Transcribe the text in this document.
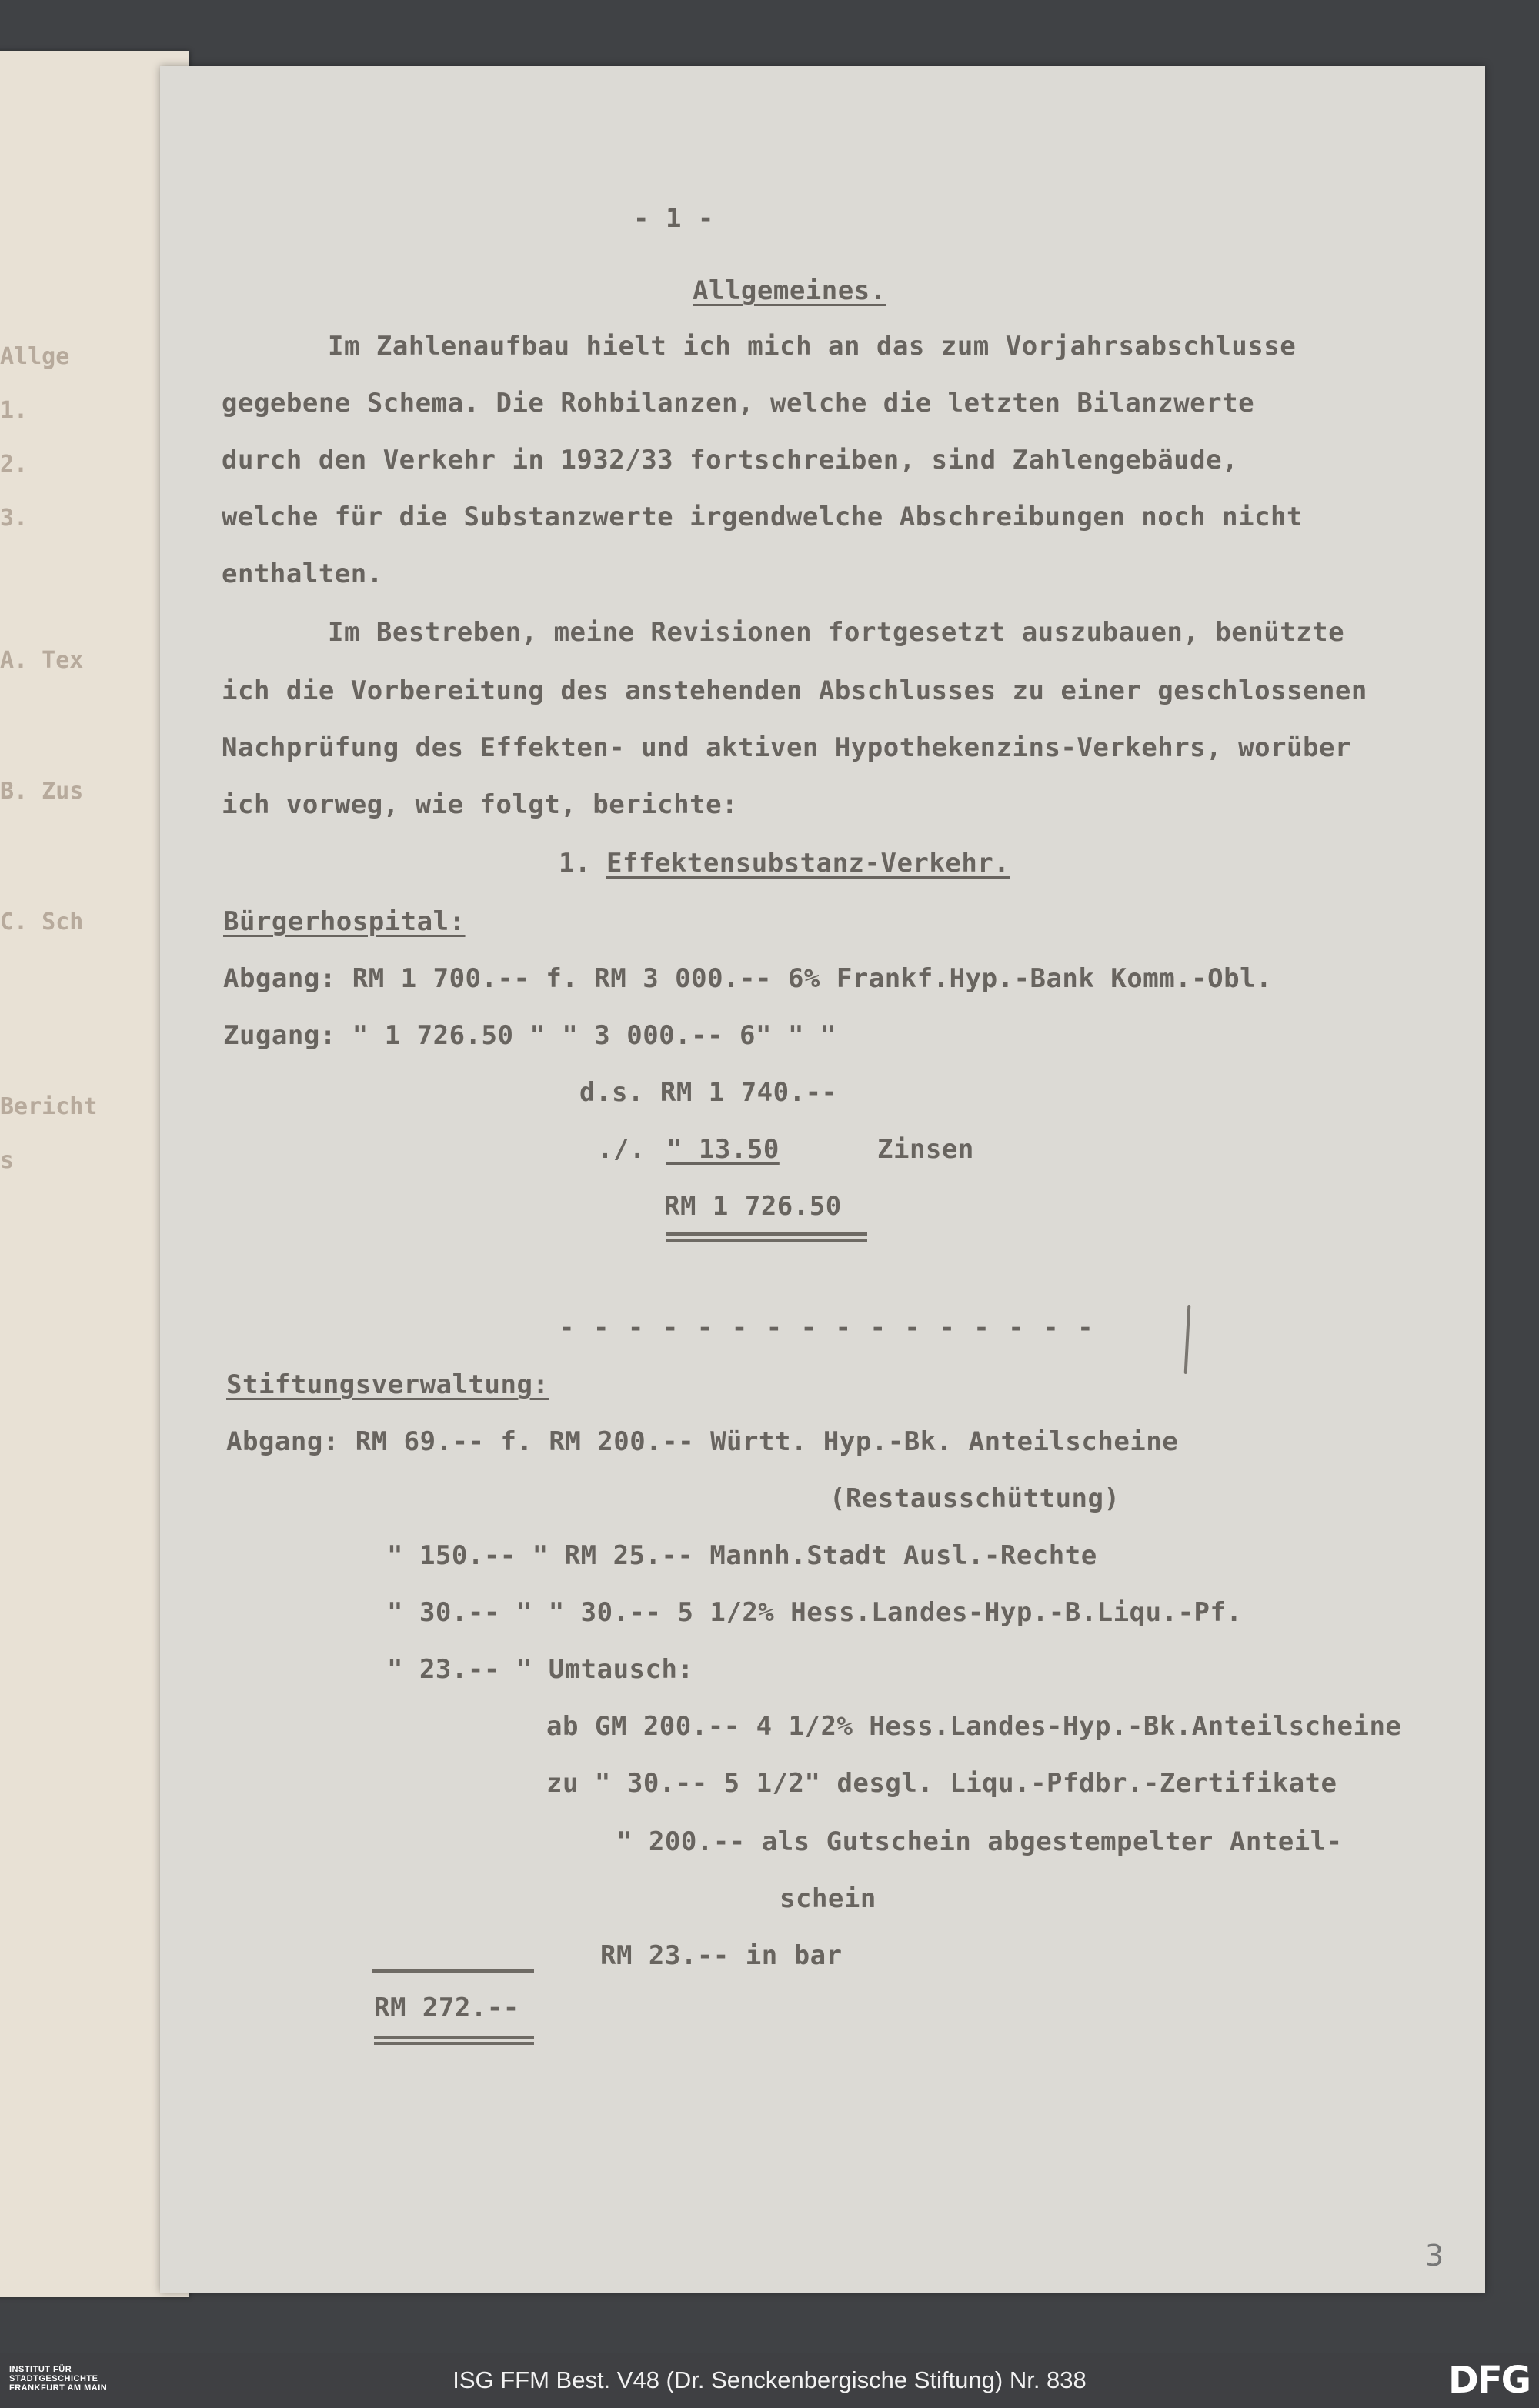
Allge
1.
2.
3.
A. Tex
B. Zus
C. Sch
Bericht
s
- 1 -
Allgemeines.
Im Zahlenaufbau hielt ich mich an das zum Vorjahrsabschlusse
gegebene Schema. Die Rohbilanzen, welche die letzten Bilanzwerte
durch den Verkehr in 1932/33 fortschreiben, sind Zahlengebäude,
welche für die Substanzwerte irgendwelche Abschreibungen noch nicht
enthalten.
Im Bestreben, meine Revisionen fortgesetzt auszubauen, benützte
ich die Vorbereitung des anstehenden Abschlusses zu einer geschlossenen
Nachprüfung des Effekten- und aktiven Hypothekenzins-Verkehrs, worüber
ich vorweg, wie folgt, berichte:
1. Effektensubstanz-Verkehr.
Bürgerhospital:
Abgang: RM 1 700.-- f. RM 3 000.-- 6% Frankf.Hyp.-Bank Komm.-Obl.
Zugang: " 1 726.50 " " 3 000.-- 6" " "
d.s. RM 1 740.--
./. " 13.50	Zinsen
RM 1 726.50
- - - - - - - - - - - - - - - -
Stiftungsverwaltung:
Abgang: RM 69.-- f. RM 200.-- Württ. Hyp.-Bk. Anteilscheine
(Restausschüttung)
" 150.-- " RM 25.-- Mannh.Stadt Ausl.-Rechte
" 30.-- " " 30.-- 5 1/2% Hess.Landes-Hyp.-B.Liqu.-Pf.
" 23.-- " Umtausch:
ab GM 200.-- 4 1/2% Hess.Landes-Hyp.-Bk.Anteilscheine
zu " 30.-- 5 1/2" desgl. Liqu.-Pfdbr.-Zertifikate
" 200.-- als Gutschein abgestempelter Anteil-
schein
RM 23.-- in bar
RM 272.--
3
INSTITUT FÜR
STADTGESCHICHTE
FRANKFURT AM MAIN	ISG FFM Best. V48 (Dr. Senckenbergische Stiftung) Nr. 838	DFG
